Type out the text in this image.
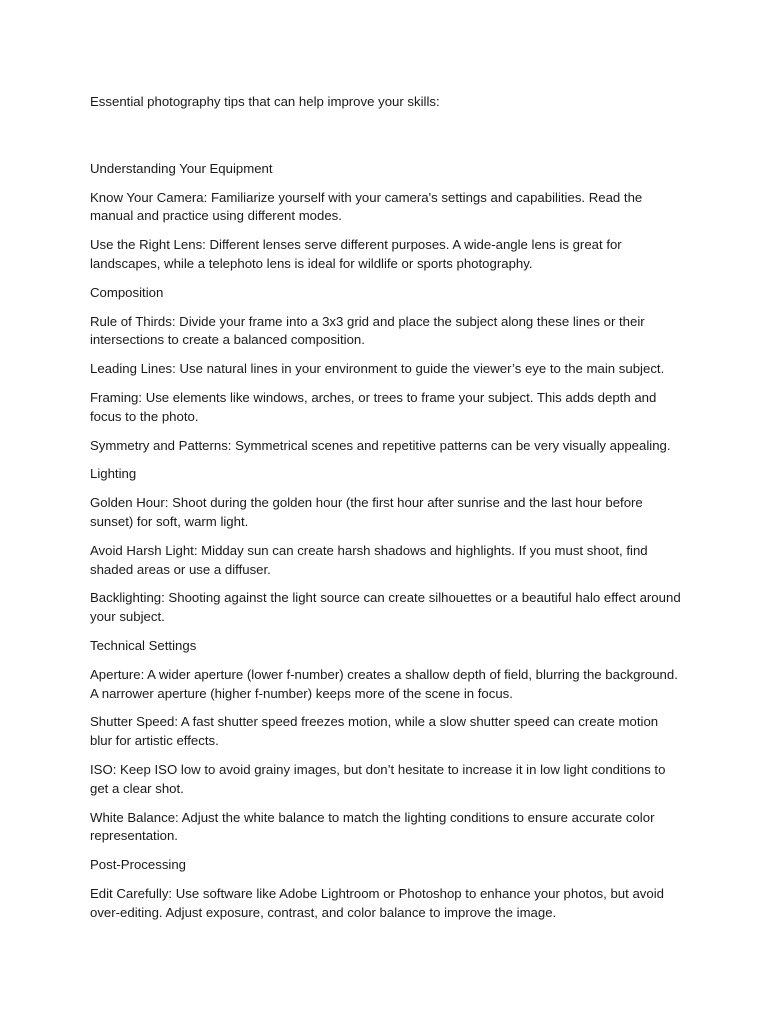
Essential photography tips that can help improve your skills:

Understanding Your Equipment

Know Your Camera: Familiarize yourself with your camera's settings and capabilities. Read the manual and practice using different modes.

Use the Right Lens: Different lenses serve different purposes. A wide-angle lens is great for landscapes, while a telephoto lens is ideal for wildlife or sports photography.

Composition

Rule of Thirds: Divide your frame into a 3x3 grid and place the subject along these lines or their intersections to create a balanced composition.

Leading Lines: Use natural lines in your environment to guide the viewer’s eye to the main subject.

Framing: Use elements like windows, arches, or trees to frame your subject. This adds depth and focus to the photo.

Symmetry and Patterns: Symmetrical scenes and repetitive patterns can be very visually appealing.

Lighting

Golden Hour: Shoot during the golden hour (the first hour after sunrise and the last hour before sunset) for soft, warm light.

Avoid Harsh Light: Midday sun can create harsh shadows and highlights. If you must shoot, find shaded areas or use a diffuser.

Backlighting: Shooting against the light source can create silhouettes or a beautiful halo effect around your subject.

Technical Settings

Aperture: A wider aperture (lower f-number) creates a shallow depth of field, blurring the background. A narrower aperture (higher f-number) keeps more of the scene in focus.

Shutter Speed: A fast shutter speed freezes motion, while a slow shutter speed can create motion blur for artistic effects.

ISO: Keep ISO low to avoid grainy images, but don’t hesitate to increase it in low light conditions to get a clear shot.

White Balance: Adjust the white balance to match the lighting conditions to ensure accurate color representation.

Post-Processing

Edit Carefully: Use software like Adobe Lightroom or Photoshop to enhance your photos, but avoid over-editing. Adjust exposure, contrast, and color balance to improve the image.
